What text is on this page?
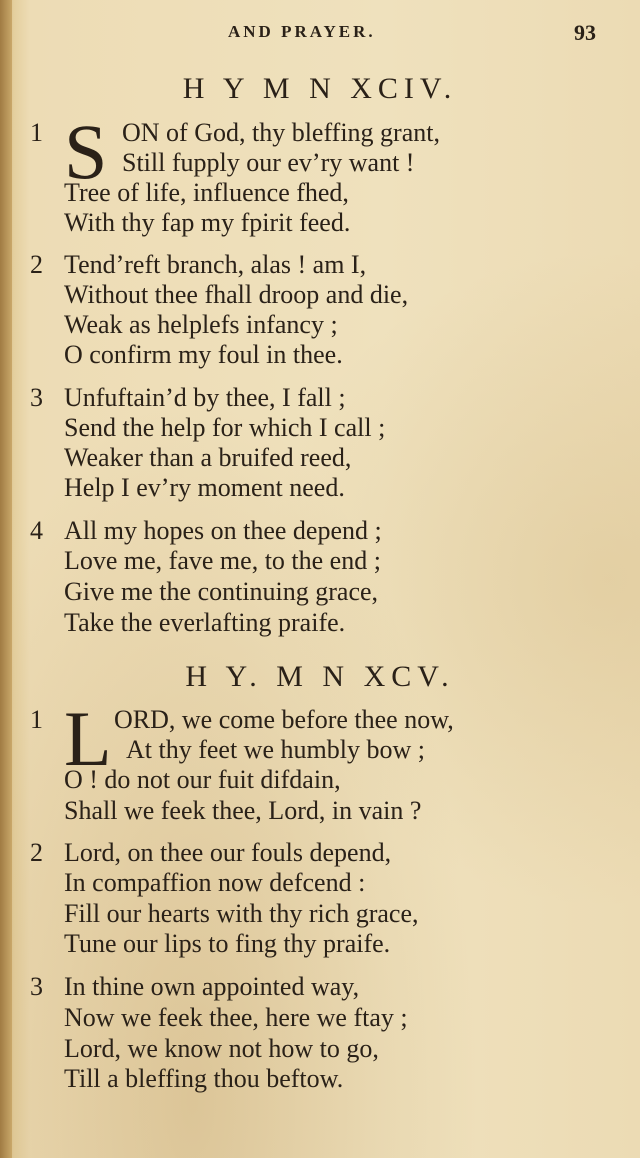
AND PRAYER.	93
H Y M N XCIV.
1 S ON of God, thy bleffing grant,
Still fupply our ev’ry want !
Tree of life, influence fhed,
With thy fap my fpirit feed.
2 Tend’reft branch, alas ! am I,
Without thee fhall droop and die,
Weak as helplefs infancy ;
O confirm my foul in thee.
3 Unfuftain’d by thee, I fall ;
Send the help for which I call ;
Weaker than a bruifed reed,
Help I ev’ry moment need.
4 All my hopes on thee depend ;
Love me, fave me, to the end ;
Give me the continuing grace,
Take the everlafting praife.
H Y. M N XCV.
1 L ORD, we come before thee now,
At thy feet we humbly bow ;
O ! do not our fuit difdain,
Shall we feek thee, Lord, in vain ?
2 Lord, on thee our fouls depend,
In compaffion now defcend :
Fill our hearts with thy rich grace,
Tune our lips to fing thy praife.
3 In thine own appointed way,
Now we feek thee, here we ftay ;
Lord, we know not how to go,
Till a bleffing thou beftow.
